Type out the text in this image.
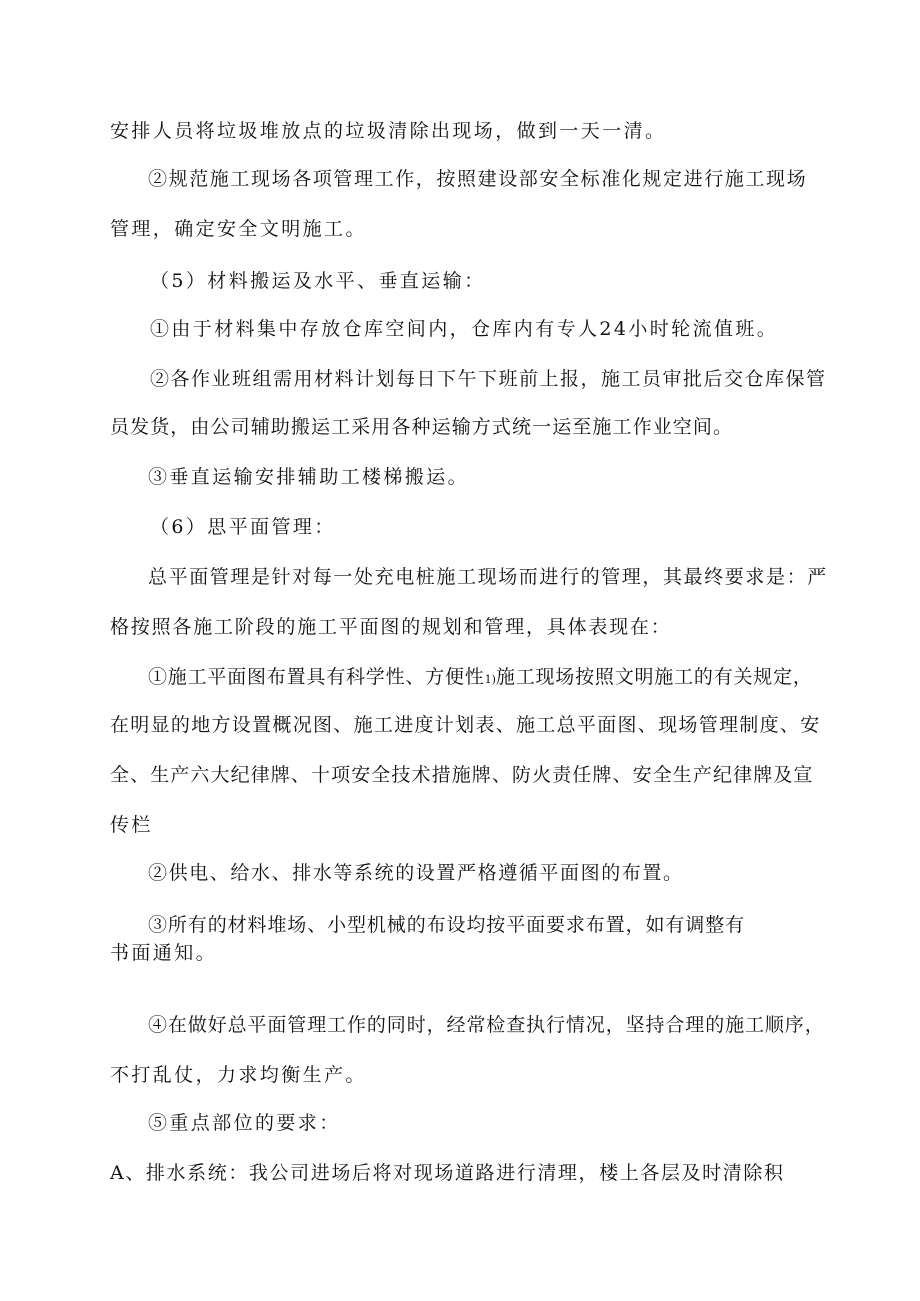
安排人员将垃圾堆放点的垃圾清除出现场，做到一天一清。
②规范施工现场各项管理工作，按照建设部安全标准化规定进行施工现场
管理，确定安全文明施工。
（5）材料搬运及水平、垂直运输：
①由于材料集中存放仓库空间内，仓库内有专人24小时轮流值班。
②各作业班组需用材料计划每日下午下班前上报，施工员审批后交仓库保管
员发货，由公司辅助搬运工采用各种运输方式统一运至施工作业空间。
③垂直运输安排辅助工楼梯搬运。
（6）思平面管理：
总平面管理是针对每一处充电桩施工现场而进行的管理，其最终要求是：严
格按照各施工阶段的施工平面图的规划和管理，具体表现在：
①施工平面图布置具有科学性、方便性1)施工现场按照文明施工的有关规定，
在明显的地方设置概况图、施工进度计划表、施工总平面图、现场管理制度、安
全、生产六大纪律牌、十项安全技术措施牌、防火责任牌、安全生产纪律牌及宣
传栏
②供电、给水、排水等系统的设置严格遵循平面图的布置。
③所有的材料堆场、小型机械的布设均按平面要求布置，如有调整有
书面通知。
④在做好总平面管理工作的同时，经常检查执行情况，坚持合理的施工顺序，
不打乱仗，力求均衡生产。
⑤重点部位的要求：
A、排水系统：我公司进场后将对现场道路进行清理，楼上各层及时清除积
